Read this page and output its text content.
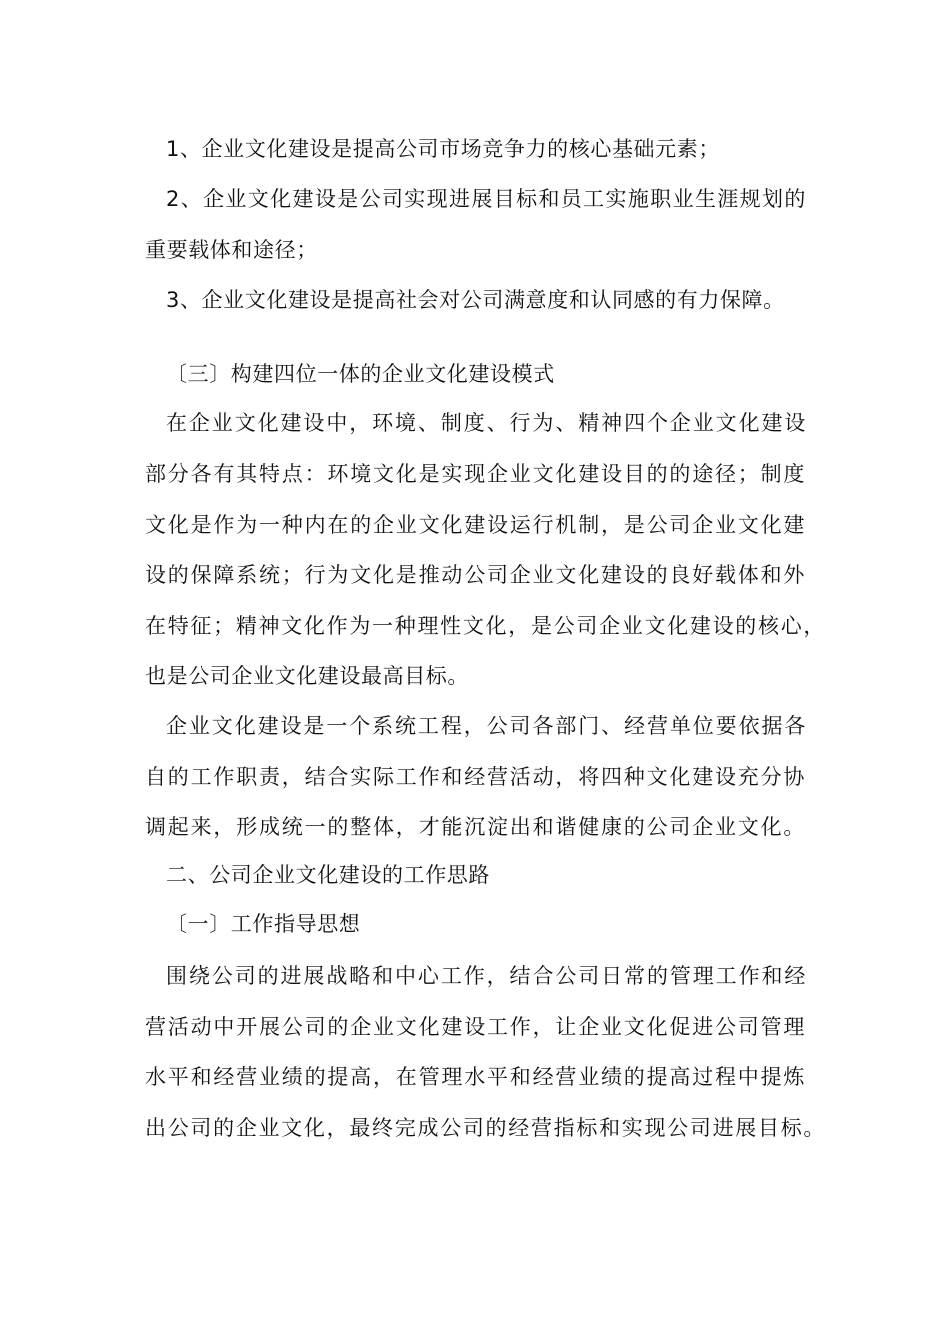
1、企业文化建设是提高公司市场竞争力的核心基础元素；
2、企业文化建设是公司实现进展目标和员工实施职业生涯规划的
重要载体和途径；
3、企业文化建设是提高社会对公司满意度和认同感的有力保障。
〔三〕构建四位一体的企业文化建设模式
在企业文化建设中，环境、制度、行为、精神四个企业文化建设
部分各有其特点：环境文化是实现企业文化建设目的的途径；制度
文化是作为一种内在的企业文化建设运行机制，是公司企业文化建
设的保障系统；行为文化是推动公司企业文化建设的良好载体和外
在特征；精神文化作为一种理性文化，是公司企业文化建设的核心，
也是公司企业文化建设最高目标。
企业文化建设是一个系统工程，公司各部门、经营单位要依据各
自的工作职责，结合实际工作和经营活动，将四种文化建设充分协
调起来，形成统一的整体，才能沉淀出和谐健康的公司企业文化。
二、公司企业文化建设的工作思路
〔一〕工作指导思想
围绕公司的进展战略和中心工作，结合公司日常的管理工作和经
营活动中开展公司的企业文化建设工作，让企业文化促进公司管理
水平和经营业绩的提高，在管理水平和经营业绩的提高过程中提炼
出公司的企业文化，最终完成公司的经营指标和实现公司进展目标。
